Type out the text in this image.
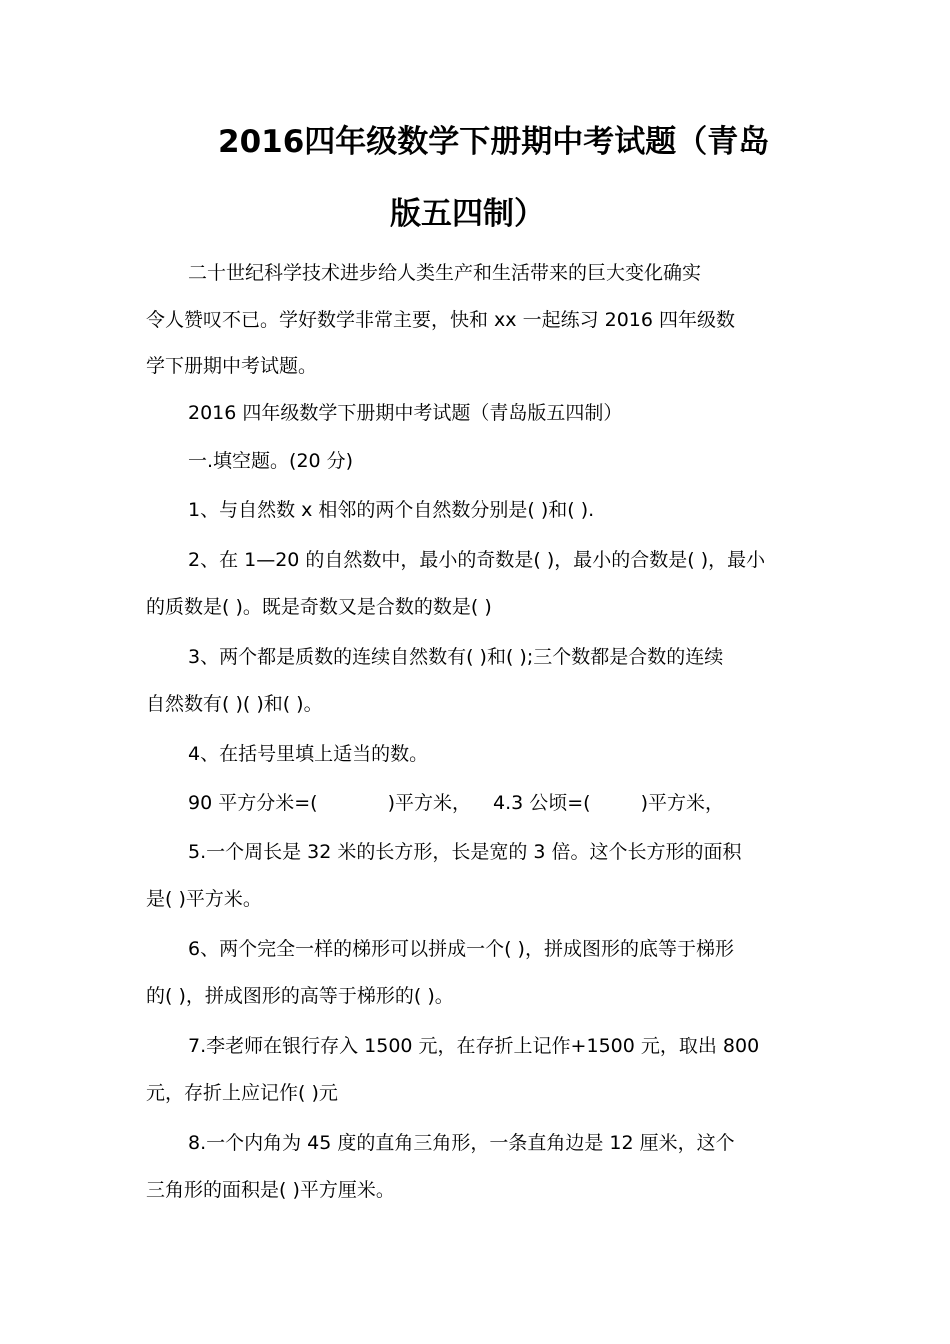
2016四年级数学下册期中考试题（青岛
版五四制）
二十世纪科学技术进步给人类生产和生活带来的巨大变化确实
令人赞叹不已。学好数学非常主要，快和 xx 一起练习 2016 四年级数
学下册期中考试题。
2016 四年级数学下册期中考试题（青岛版五四制）
一.填空题。(20 分)
1、与自然数 x 相邻的两个自然数分别是( )和( ).
2、在 1—20 的自然数中，最小的奇数是( )，最小的合数是( )，最小
的质数是( )。既是奇数又是合数的数是( )
3、两个都是质数的连续自然数有( )和( );三个数都是合数的连续
自然数有( )( )和( )。
4、在括号里填上适当的数。
90 平方分米=(	)平方米， 4.3 公顷=(	)平方米，
5.一个周长是 32 米的长方形，长是宽的 3 倍。这个长方形的面积
是( )平方米。
6、两个完全一样的梯形可以拼成一个( )，拼成图形的底等于梯形
的( )，拼成图形的高等于梯形的( )。
7.李老师在银行存入 1500 元，在存折上记作+1500 元，取出 800
元，存折上应记作( )元
8.一个内角为 45 度的直角三角形，一条直角边是 12 厘米，这个
三角形的面积是( )平方厘米。
